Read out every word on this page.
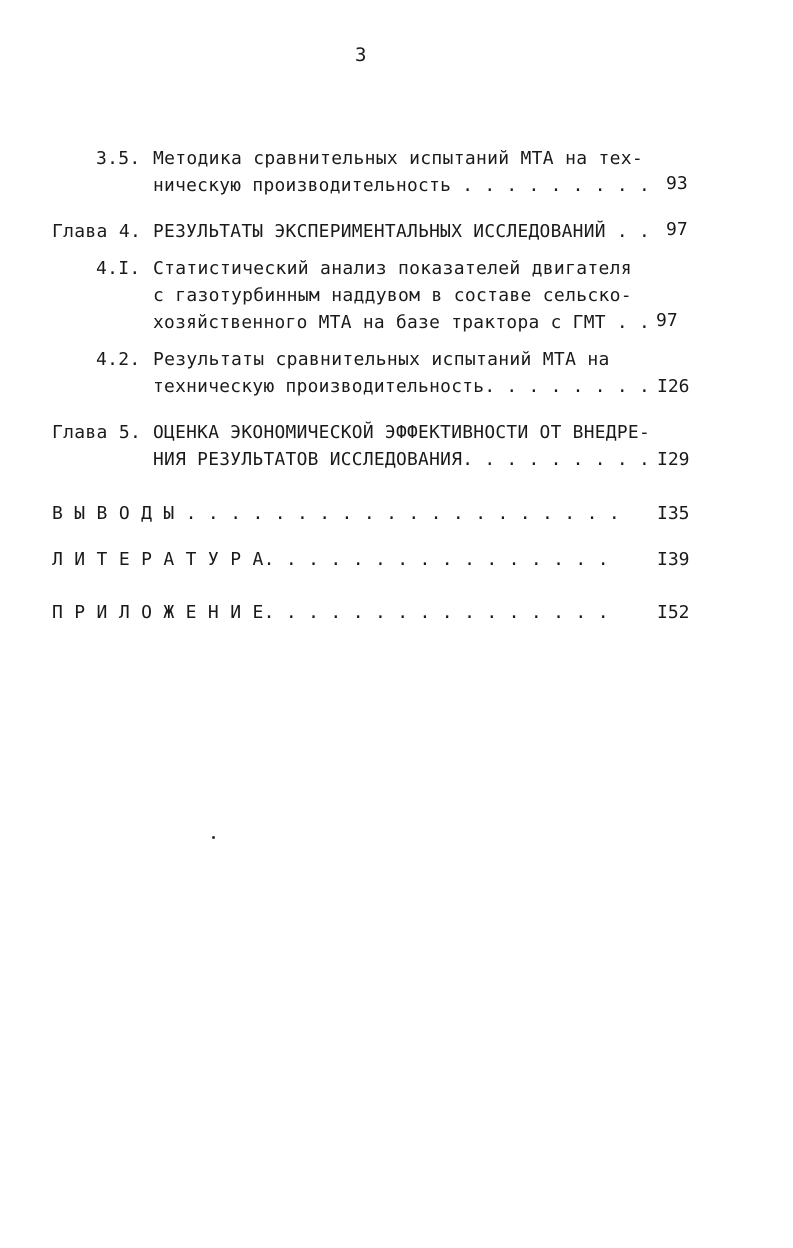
3
3.5. Методика сравнительных испытаний МТА на тех-
ническую производительность . . . . . . . . . 93
Глава 4. РЕЗУЛЬТАТЫ ЭКСПЕРИМЕНТАЛЬНЫХ ИССЛЕДОВАНИЙ . . 97
4.I. Статистический анализ показателей двигателя
с газотурбинным наддувом в составе сельско-
хозяйственного МТА на базе трактора с ГМТ . . 97
4.2. Результаты сравнительных испытаний МТА на
техническую производительность. . . . . . . . I26
Глава 5. ОЦЕНКА ЭКОНОМИЧЕСКОЙ ЭФФЕКТИВНОСТИ ОТ ВНЕДРЕ-
НИЯ РЕЗУЛЬТАТОВ ИССЛЕДОВАНИЯ. . . . . . . . . I29
В Ы В О Д Ы . . . . . . . . . . . . . . . . . . . . I35
Л И Т Е Р А Т У Р А. . . . . . . . . . . . . . . .	I39
П Р И Л О Ж Е Н И Е. . . . . . . . . . . . . . . .	I52
